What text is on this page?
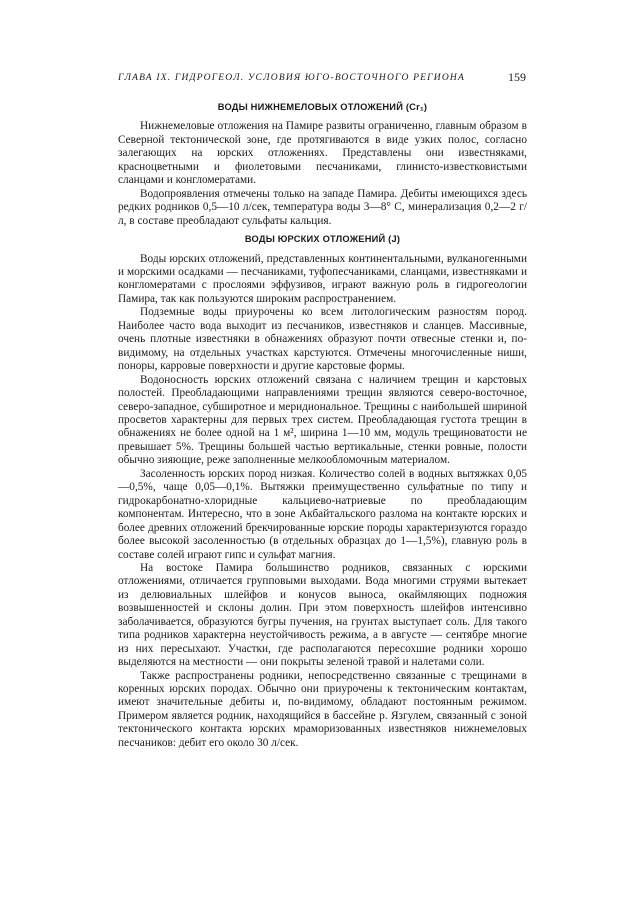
ГЛАВА IX. ГИДРОГЕОЛ. УСЛОВИЯ ЮГО-ВОСТОЧНОГО РЕГИОНА	159
ВОДЫ НИЖНЕМЕЛОВЫХ ОТЛОЖЕНИЙ (Cr₁)

Нижнемеловые отложения на Памире развиты ограниченно, главным образом в Северной тектонической зоне, где протягиваются в виде узких полос, согласно залегающих на юрских отложениях. Представлены они известняками, красноцветными и фиолетовыми песчаниками, глинисто-известковистыми сланцами и конгломератами.

Водопроявления отмечены только на западе Памира. Дебиты имеющихся здесь редких родников 0,5—10 л/сек, температура воды 3—8° С, минерализация 0,2—2 г/л, в составе преобладают сульфаты кальция.

ВОДЫ ЮРСКИХ ОТЛОЖЕНИЙ (J)

Воды юрских отложений, представленных континентальными, вулканогенными и морскими осадками — песчаниками, туфопесчаниками, сланцами, известняками и конгломератами с прослоями эффузивов, играют важную роль в гидрогеологии Памира, так как пользуются широким распространением.

Подземные воды приурочены ко всем литологическим разностям пород. Наиболее часто вода выходит из песчаников, известняков и сланцев. Массивные, очень плотные известняки в обнажениях образуют почти отвесные стенки и, по-видимому, на отдельных участках карстуются. Отмечены многочисленные ниши, поноры, карровые поверхности и другие карстовые формы.

Водоносность юрских отложений связана с наличием трещин и карстовых полостей. Преобладающими направлениями трещин являются северо-восточное, северо-западное, субширотное и меридиональное. Трещины с наибольшей шириной просветов характерны для первых трех систем. Преобладающая густота трещин в обнажениях не более одной на 1 м², ширина 1—10 мм, модуль трещиноватости не превышает 5%. Трещины большей частью вертикальные, стенки ровные, полости обычно зияющие, реже заполненные мелкообломочным материалом.

Засоленность юрских пород низкая. Количество солей в водных вытяжках 0,05—0,5%, чаще 0,05—0,1%. Вытяжки преимущественно сульфатные по типу и гидрокарбонатно-хлоридные кальциево-натриевые по преобладающим компонентам. Интересно, что в зоне Акбайтальского разлома на контакте юрских и более древних отложений брекчированные юрские породы характеризуются гораздо более высокой засоленностью (в отдельных образцах до 1—1,5%), главную роль в составе солей играют гипс и сульфат магния.

На востоке Памира большинство родников, связанных с юрскими отложениями, отличается групповыми выходами. Вода многими струями вытекает из делювиальных шлейфов и конусов выноса, окаймляющих подножия возвышенностей и склоны долин. При этом поверхность шлейфов интенсивно заболачивается, образуются бугры пучения, на грунтах выступает соль. Для такого типа родников характерна неустойчивость режима, а в августе — сентябре многие из них пересыхают. Участки, где располагаются пересохшие родники хорошо выделяются на местности — они покрыты зеленой травой и налетами соли.

Также распространены родники, непосредственно связанные с трещинами в коренных юрских породах. Обычно они приурочены к тектоническим контактам, имеют значительные дебиты и, по-видимому, обладают постоянным режимом. Примером является родник, находящийся в бассейне р. Язгулем, связанный с зоной тектонического контакта юрских мраморизованных известняков нижнемеловых песчаников: дебит его около 30 л/сек.
